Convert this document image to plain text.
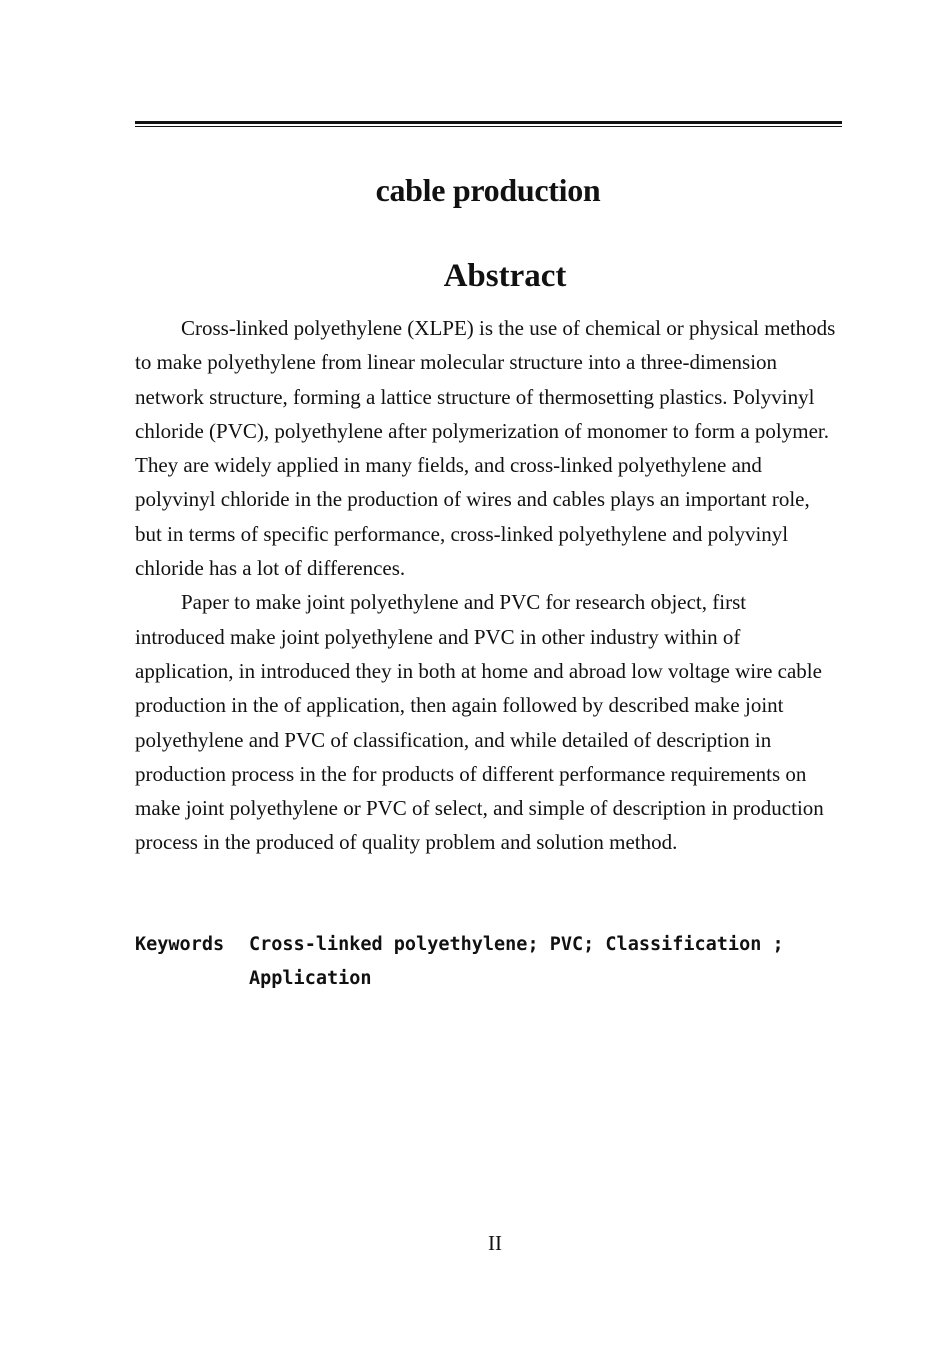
cable production
Abstract

Cross-linked polyethylene (XLPE) is the use of chemical or physical methods to make polyethylene from linear molecular structure into a three-dimension network structure, forming a lattice structure of thermosetting plastics. Polyvinyl chloride (PVC), polyethylene after polymerization of monomer to form a polymer. They are widely applied in many fields, and cross-linked polyethylene and polyvinyl chloride in the production of wires and cables plays an important role, but in terms of specific performance, cross-linked polyethylene and polyvinyl chloride has a lot of differences.

Paper to make joint polyethylene and PVC for research object, first introduced make joint polyethylene and PVC in other industry within of application, in introduced they in both at home and abroad low voltage wire cable production in the of application, then again followed by described make joint polyethylene and PVC of classification, and while detailed of description in production process in the for products of different performance requirements on make joint polyethylene or PVC of select, and simple of description in production process in the produced of quality problem and solution method.

Keywords	Cross-linked polyethylene; PVC; Classification ; Application
II
